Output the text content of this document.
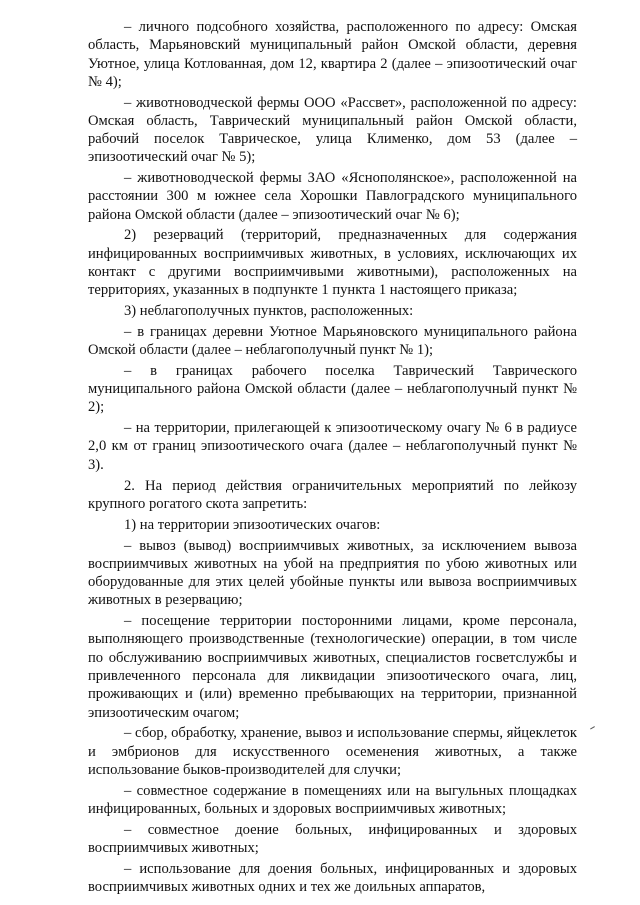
– личного подсобного хозяйства, расположенного по адресу: Омская область, Марьяновский муниципальный район Омской области, деревня Уютное, улица Котлованная, дом 12, квартира 2 (далее – эпизоотический очаг № 4);

– животноводческой фермы ООО «Рассвет», расположенной по адресу: Омская область, Таврический муниципальный район Омской области, рабочий поселок Таврическое, улица Клименко, дом 53 (далее – эпизоотический очаг № 5);

– животноводческой фермы ЗАО «Яснополянское», расположенной на расстоянии 300 м южнее села Хорошки Павлоградского муниципального района Омской области (далее – эпизоотический очаг № 6);

2) резерваций (территорий, предназначенных для содержания инфицированных восприимчивых животных, в условиях, исключающих их контакт с другими восприимчивыми животными), расположенных на территориях, указанных в подпункте 1 пункта 1 настоящего приказа;

3) неблагополучных пунктов, расположенных:

– в границах деревни Уютное Марьяновского муниципального района Омской области (далее – неблагополучный пункт № 1);

– в границах рабочего поселка Таврический Таврического муниципального района Омской области (далее – неблагополучный пункт № 2);

– на территории, прилегающей к эпизоотическому очагу № 6 в радиусе 2,0 км от границ эпизоотического очага (далее – неблагополучный пункт № 3).

2. На период действия ограничительных мероприятий по лейкозу крупного рогатого скота запретить:

1) на территории эпизоотических очагов:

– вывоз (вывод) восприимчивых животных, за исключением вывоза восприимчивых животных на убой на предприятия по убою животных или оборудованные для этих целей убойные пункты или вывоза восприимчивых животных в резервацию;

– посещение территории посторонними лицами, кроме персонала, выполняющего производственные (технологические) операции, в том числе по обслуживанию восприимчивых животных, специалистов госветслужбы и привлеченного персонала для ликвидации эпизоотического очага, лиц, проживающих и (или) временно пребывающих на территории, признанной эпизоотическим очагом;

– сбор, обработку, хранение, вывоз и использование спермы, яйцеклеток и эмбрионов для искусственного осеменения животных, а также использование быков-производителей для случки;

– совместное содержание в помещениях или на выгульных площадках инфицированных, больных и здоровых восприимчивых животных;

– совместное доение больных, инфицированных и здоровых восприимчивых животных;

– использование для доения больных, инфицированных и здоровых восприимчивых животных одних и тех же доильных аппаратов,
